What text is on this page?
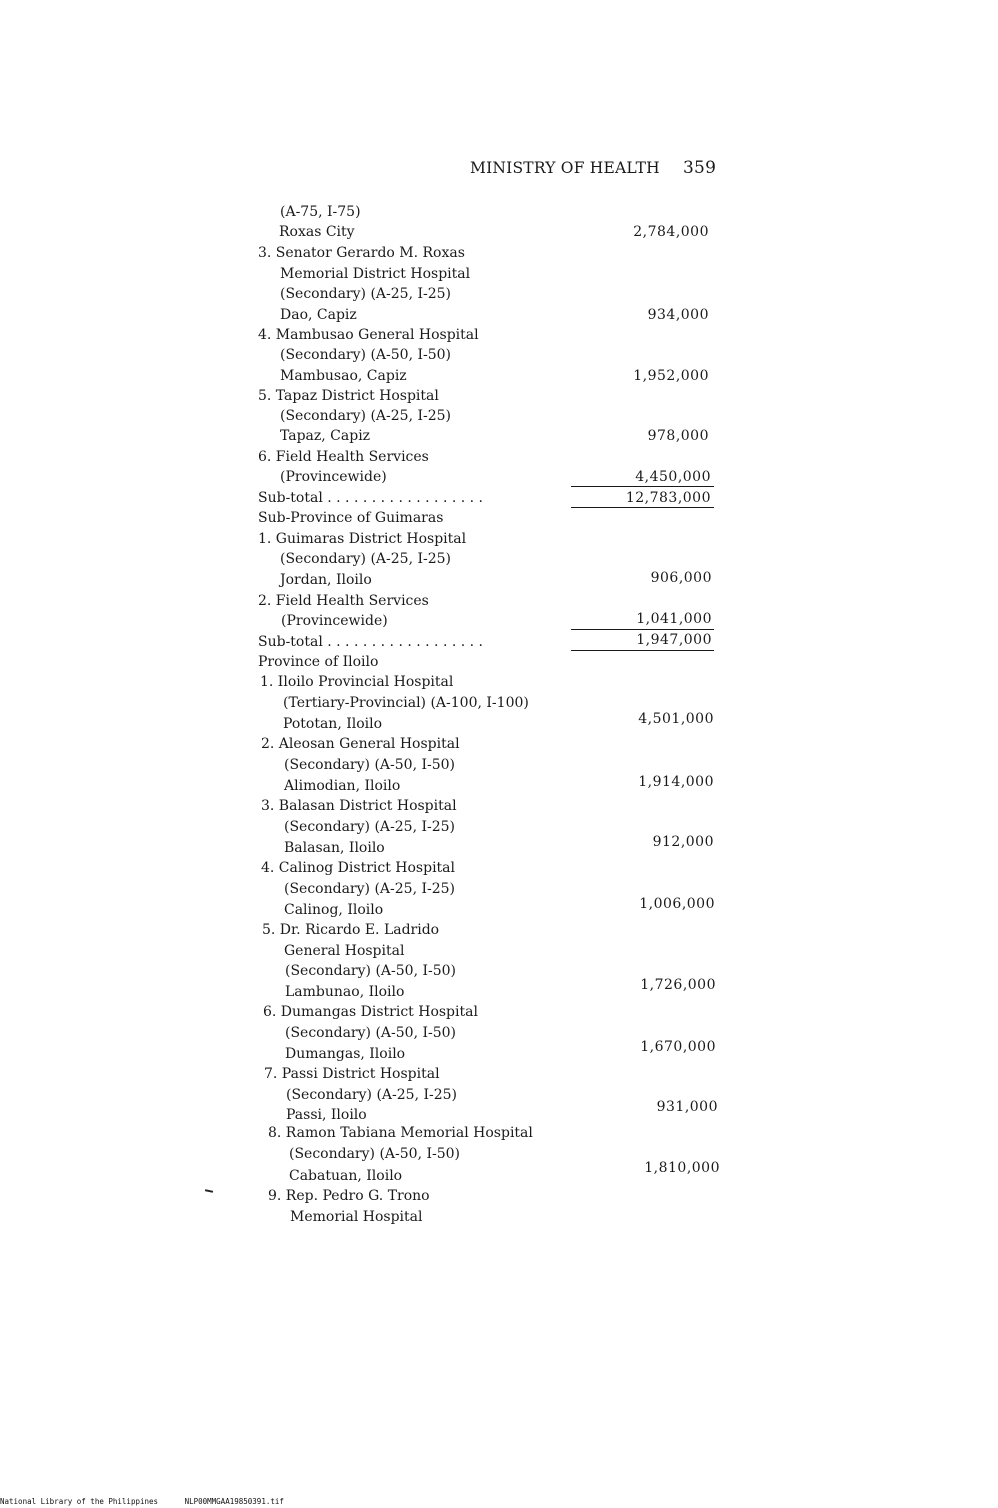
MINISTRY OF HEALTH 359
(A-75, I-75)
Roxas City
3. Senator Gerardo M. Roxas
Memorial District Hospital
(Secondary) (A-25, I-25)
Dao, Capiz
4. Mambusao General Hospital
(Secondary) (A-50, I-50)
Mambusao, Capiz
5. Tapaz District Hospital
(Secondary) (A-25, I-25)
Tapaz, Capiz
6. Field Health Services
(Provincewide)
Sub-total . . . . . . . . . . . . . . . . . .
Sub-Province of Guimaras
1. Guimaras District Hospital
(Secondary) (A-25, I-25)
Jordan, Iloilo
2. Field Health Services
(Provincewide)
Sub-total . . . . . . . . . . . . . . . . . .
Province of Iloilo
1. Iloilo Provincial Hospital
(Tertiary-Provincial) (A-100, I-100)
Pototan, Iloilo
2. Aleosan General Hospital
(Secondary) (A-50, I-50)
Alimodian, Iloilo
3. Balasan District Hospital
(Secondary) (A-25, I-25)
Balasan, Iloilo
4. Calinog District Hospital
(Secondary) (A-25, I-25)
Calinog, Iloilo
5. Dr. Ricardo E. Ladrido
General Hospital
(Secondary) (A-50, I-50)
Lambunao, Iloilo
6. Dumangas District Hospital
(Secondary) (A-50, I-50)
Dumangas, Iloilo
7. Passi District Hospital
(Secondary) (A-25, I-25)
Passi, Iloilo
8. Ramon Tabiana Memorial Hospital
(Secondary) (A-50, I-50)
Cabatuan, Iloilo
9. Rep. Pedro G. Trono
Memorial Hospital
2,784,000
934,000
1,952,000
978,000
4,450,000
12,783,000
906,000
1,041,000
1,947,000
4,501,000
1,914,000
912,000
1,006,000
1,726,000
1,670,000
931,000
1,810,000
National Library of the Philippines	NLP00MMGAA19850391.tif
